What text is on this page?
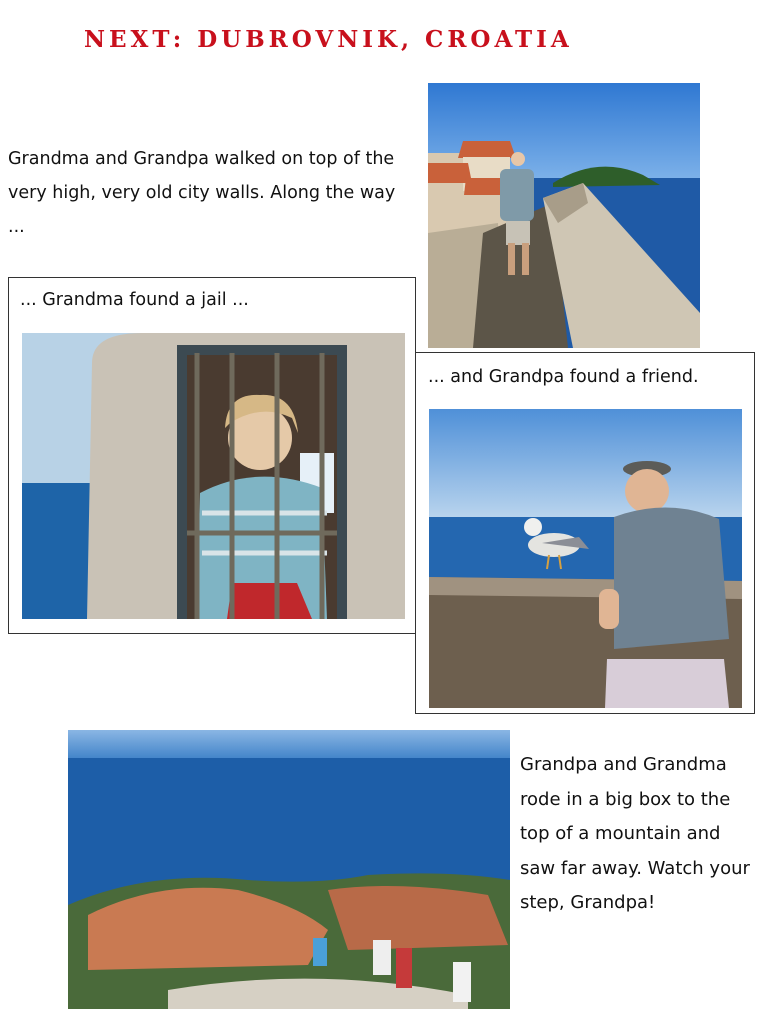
NEXT: DUBROVNIK, CROATIA
Grandma and Grandpa walked on top of the very high, very old city walls. Along the way ...
... Grandma found a jail ...
... and Grandpa found a friend.
Grandpa and Grandma rode in a big box to the top of a mountain and saw far away. Watch your step, Grandpa!
